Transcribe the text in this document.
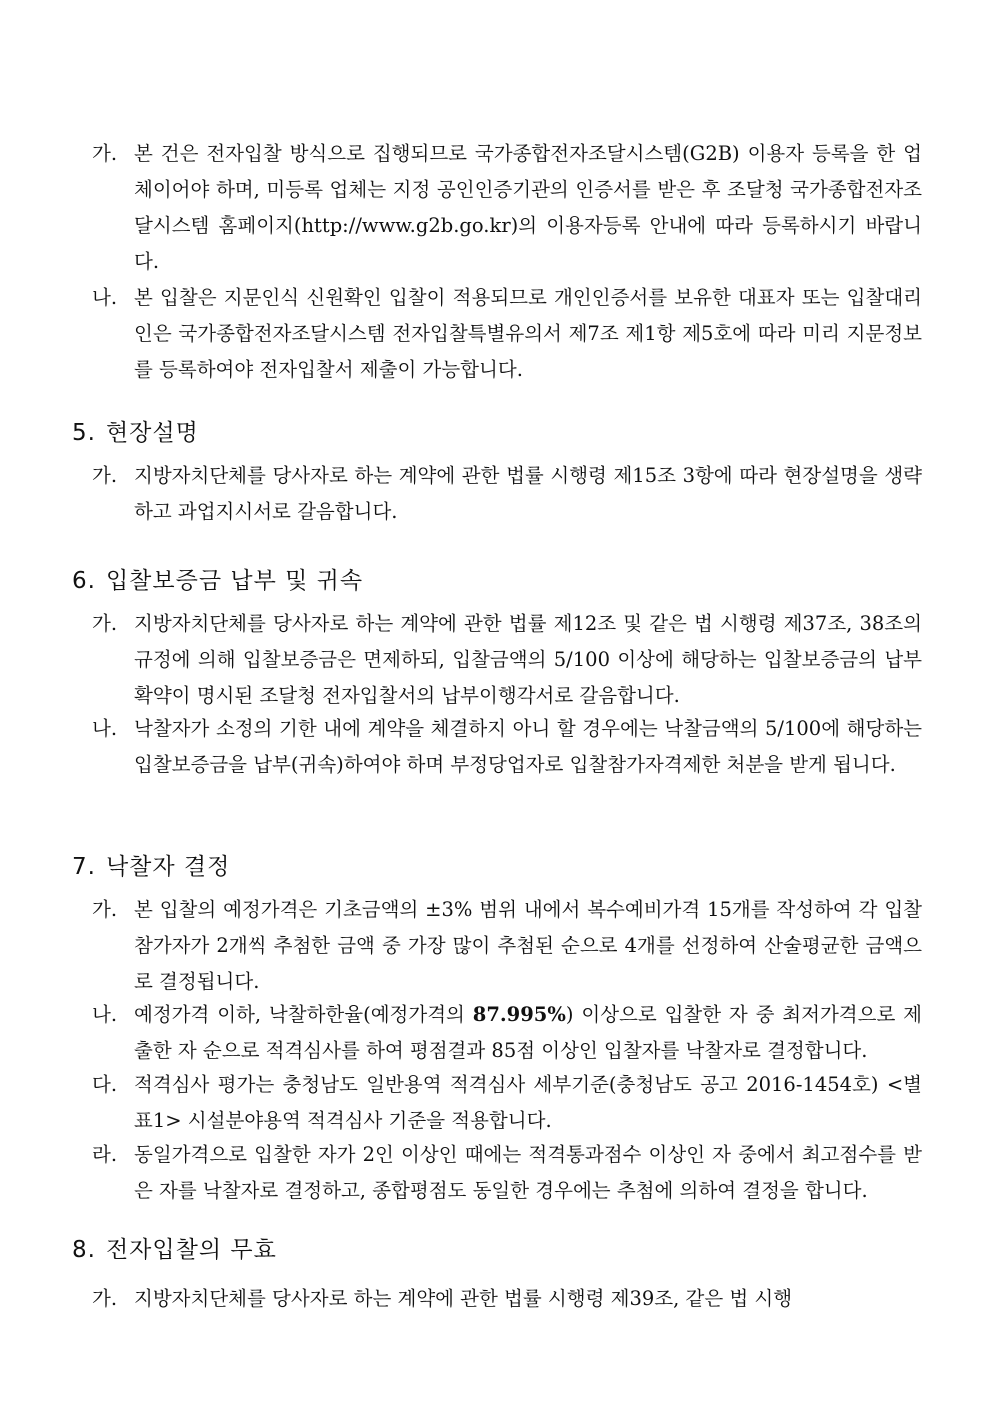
가. 본 건은 전자입찰 방식으로 집행되므로 국가종합전자조달시스템(G2B) 이용자 등록을 한 업체이어야 하며, 미등록 업체는 지정 공인인증기관의 인증서를 받은 후 조달청 국가종합전자조달시스템 홈페이지(http://www.g2b.go.kr)의 이용자등록 안내에 따라 등록하시기 바랍니다.
나. 본 입찰은 지문인식 신원확인 입찰이 적용되므로 개인인증서를 보유한 대표자 또는 입찰대리인은 국가종합전자조달시스템 전자입찰특별유의서 제7조 제1항 제5호에 따라 미리 지문정보를 등록하여야 전자입찰서 제출이 가능합니다.
5. 현장설명
가. 지방자치단체를 당사자로 하는 계약에 관한 법률 시행령 제15조 3항에 따라 현장설명을 생략하고 과업지시서로 갈음합니다.
6. 입찰보증금 납부 및 귀속
가. 지방자치단체를 당사자로 하는 계약에 관한 법률 제12조 및 같은 법 시행령 제37조, 38조의 규정에 의해 입찰보증금은 면제하되, 입찰금액의 5/100 이상에 해당하는 입찰보증금의 납부확약이 명시된 조달청 전자입찰서의 납부이행각서로 갈음합니다.
나. 낙찰자가 소정의 기한 내에 계약을 체결하지 아니 할 경우에는 낙찰금액의 5/100에 해당하는 입찰보증금을 납부(귀속)하여야 하며 부정당업자로 입찰참가자격제한 처분을 받게 됩니다.
7. 낙찰자 결정
가. 본 입찰의 예정가격은 기초금액의 ±3% 범위 내에서 복수예비가격 15개를 작성하여 각 입찰참가자가 2개씩 추첨한 금액 중 가장 많이 추첨된 순으로 4개를 선정하여 산술평균한 금액으로 결정됩니다.
나. 예정가격 이하, 낙찰하한율(예정가격의 87.995%) 이상으로 입찰한 자 중 최저가격으로 제출한 자 순으로 적격심사를 하여 평점결과 85점 이상인 입찰자를 낙찰자로 결정합니다.
다. 적격심사 평가는 충청남도 일반용역 적격심사 세부기준(충청남도 공고 2016-1454호) <별표1> 시설분야용역 적격심사 기준을 적용합니다.
라. 동일가격으로 입찰한 자가 2인 이상인 때에는 적격통과점수 이상인 자 중에서 최고점수를 받은 자를 낙찰자로 결정하고, 종합평점도 동일한 경우에는 추첨에 의하여 결정을 합니다.
8. 전자입찰의 무효
가. 지방자치단체를 당사자로 하는 계약에 관한 법률 시행령 제39조, 같은 법 시행
